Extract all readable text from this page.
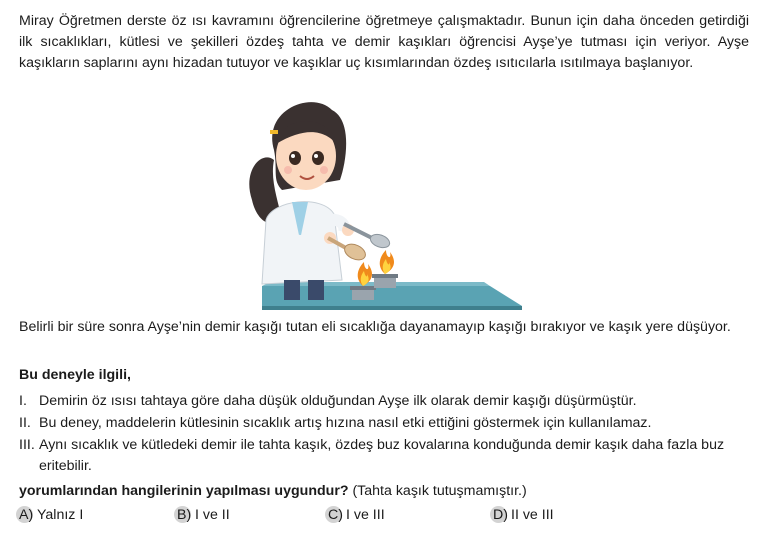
Miray Öğretmen derste öz ısı kavramını öğrencilerine öğretmeye çalışmaktadır. Bunun için daha önceden getirdiği ilk sıcaklıkları, kütlesi ve şekilleri özdeş tahta ve demir kaşıkları öğrencisi Ayşe’ye tutması için veriyor. Ayşe kaşıkların saplarını aynı hizadan tutuyor ve kaşıklar uç kısımlarından özdeş ısıtıcılarla ısıtılmaya başlanıyor.

Belirli bir süre sonra Ayşe’nin demir kaşığı tutan eli sıcaklığa dayanamayıp kaşığı bırakıyor ve kaşık yere düşüyor.

Bu deneyle ilgili,

I. Demirin öz ısısı tahtaya göre daha düşük olduğundan Ayşe ilk olarak demir kaşığı düşürmüştür.
II. Bu deney, maddelerin kütlesinin sıcaklık artış hızına nasıl etki ettiğini göstermek için kullanılamaz.
III. Aynı sıcaklık ve kütledeki demir ile tahta kaşık, özdeş buz kovalarına konduğunda demir kaşık daha fazla buz eritebilir.

yorumlarından hangilerinin yapılması uygundur? (Tahta kaşık tutuşmamıştır.)

A) Yalnız I	B) I ve II	C) I ve III	D) II ve III
